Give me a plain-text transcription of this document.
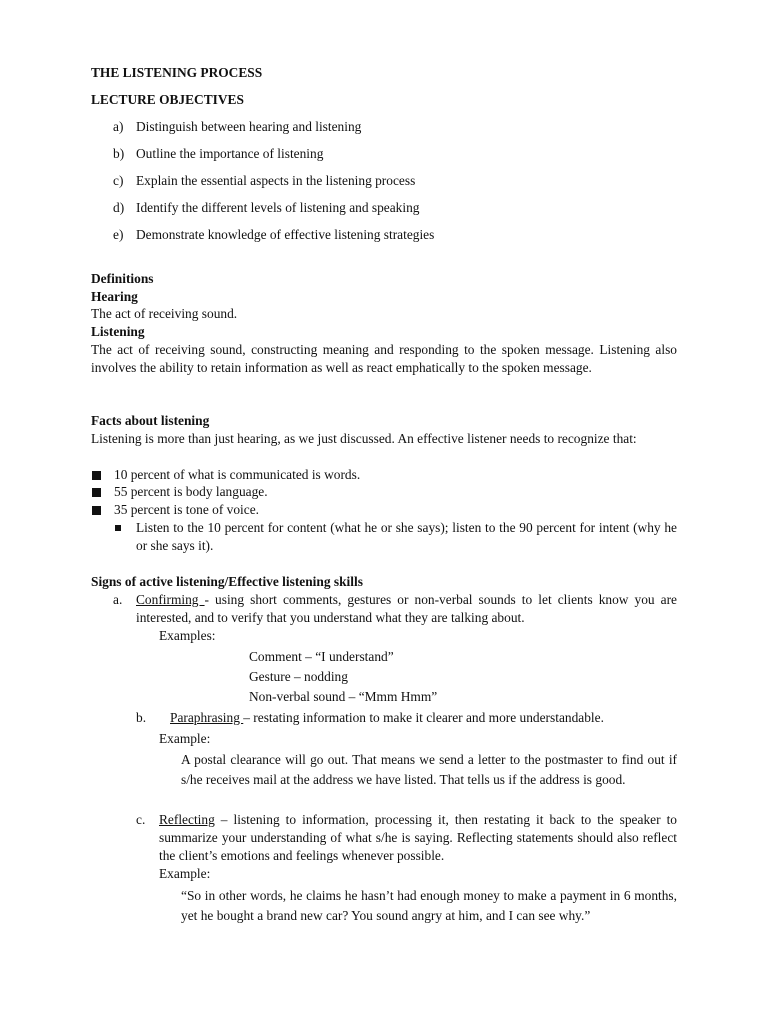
THE LISTENING PROCESS
LECTURE OBJECTIVES
a) Distinguish between hearing and listening
b) Outline the importance of listening
c) Explain the essential aspects in the listening process
d) Identify the different levels of listening and speaking
e) Demonstrate knowledge of effective listening strategies
Definitions
Hearing
The act of receiving sound.
Listening
The act of receiving sound, constructing meaning and responding to the spoken message. Listening also involves the ability to retain information as well as react emphatically to the spoken message.
Facts about listening
Listening is more than just hearing, as we just discussed. An effective listener needs to recognize that:
10 percent of what is communicated is words.
55 percent is body language.
35 percent is tone of voice.
Listen to the 10 percent for content (what he or she says); listen to the 90 percent for intent (why he or she says it).
Signs of active listening/Effective listening skills
a. Confirming - using short comments, gestures or non-verbal sounds to let clients know you are interested, and to verify that you understand what they are talking about.
Examples:
Comment – “I understand”
Gesture – nodding
Non-verbal sound – “Mmm Hmm”
b. Paraphrasing – restating information to make it clearer and more understandable.
Example:
A postal clearance will go out. That means we send a letter to the postmaster to find out if s/he receives mail at the address we have listed. That tells us if the address is good.
c. Reflecting – listening to information, processing it, then restating it back to the speaker to summarize your understanding of what s/he is saying. Reflecting statements should also reflect the client’s emotions and feelings whenever possible.
Example:
“So in other words, he claims he hasn’t had enough money to make a payment in 6 months, yet he bought a brand new car? You sound angry at him, and I can see why.”
